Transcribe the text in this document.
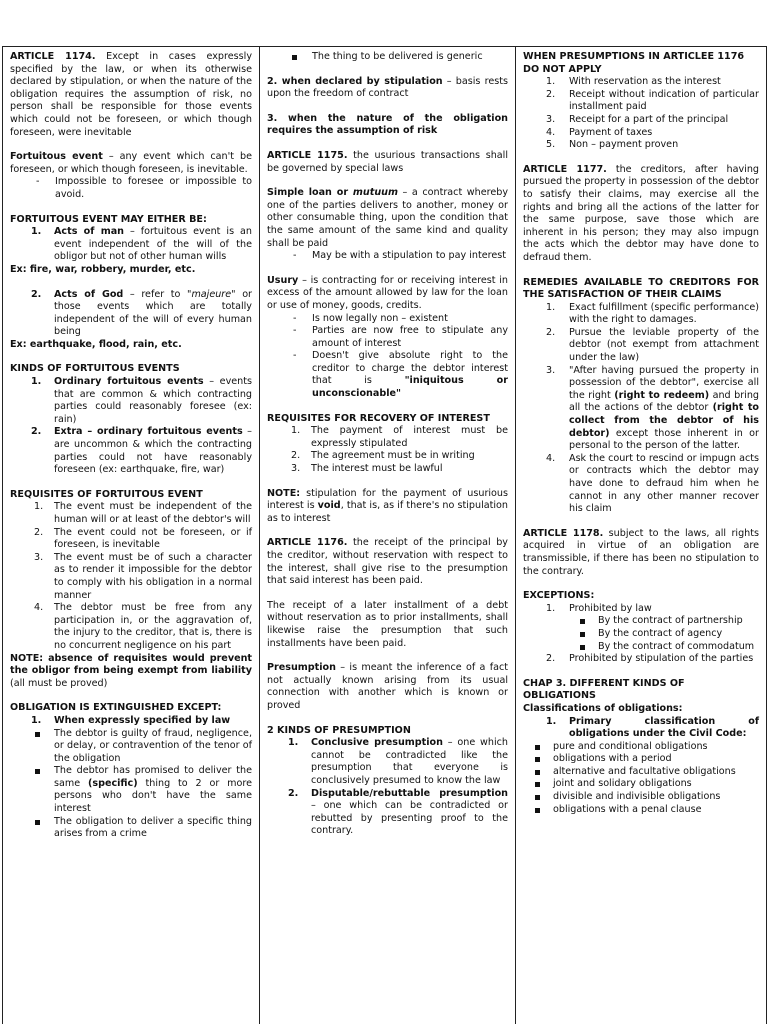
ARTICLE 1174. Except in cases expressly specified by the law, or when its otherwise declared by stipulation, or when the nature of the obligation requires the assumption of risk, no person shall be responsible for those events which could not be foreseen, or which though foreseen, were inevitable

Fortuitous event – any event which can't be foreseen, or which though foreseen, is inevitable.

- Impossible to foresee or impossible to avoid.
FORTUITOUS EVENT MAY EITHER BE:
1. Acts of man – fortuitous event is an event independent of the will of the obligor but not of other human wills
Ex: fire, war, robbery, murder, etc.
2. Acts of God – refer to "majeure" or those events which are totally independent of the will of every human being
Ex: earthquake, flood, rain, etc.
KINDS OF FORTUITOUS EVENTS
1. Ordinary fortuitous events – events that are common & which contracting parties could reasonably foresee (ex: rain)
2. Extra – ordinary fortuitous events – are uncommon & which the contracting parties could not have reasonably foreseen (ex: earthquake, fire, war)
REQUISITES OF FORTUITOUS EVENT
1. The event must be independent of the human will or at least of the debtor's will
2. The event could not be foreseen, or if foreseen, is inevitable
3. The event must be of such a character as to render it impossible for the debtor to comply with his obligation in a normal manner
4. The debtor must be free from any participation in, or the aggravation of, the injury to the creditor, that is, there is no concurrent negligence on his part

NOTE: absence of requisites would prevent the obligor from being exempt from liability (all must be proved)

OBLIGATION IS EXTINGUISHED EXCEPT:
1. When expressly specified by law
The debtor is guilty of fraud, negligence, or delay, or contravention of the tenor of the obligation
The debtor has promised to deliver the same (specific) thing to 2 or more persons who don't have the same interest
The obligation to deliver a specific thing arises from a crime
The thing to be delivered is generic

2. when declared by stipulation – basis rests upon the freedom of contract

3. when the nature of the obligation requires the assumption of risk

ARTICLE 1175. the usurious transactions shall be governed by special laws

Simple loan or mutuum – a contract whereby one of the parties delivers to another, money or other consumable thing, upon the condition that the same amount of the same kind and quality shall be paid

- May be with a stipulation to pay interest

Usury – is contracting for or receiving interest in excess of the amount allowed by law for the loan or use of money, goods, credits.

- Is now legally non – existent
- Parties are now free to stipulate any amount of interest
- Doesn't give absolute right to the creditor to charge the debtor interest that is "iniquitous or unconscionable"
REQUISITES FOR RECOVERY OF INTEREST
1. The payment of interest must be expressly stipulated
2. The agreement must be in writing
3. The interest must be lawful

NOTE: stipulation for the payment of usurious interest is void, that is, as if there's no stipulation as to interest

ARTICLE 1176. the receipt of the principal by the creditor, without reservation with respect to the interest, shall give rise to the presumption that said interest has been paid.

The receipt of a later installment of a debt without reservation as to prior installments, shall likewise raise the presumption that such installments have been paid.

Presumption – is meant the inference of a fact not actually known arising from its usual connection with another which is known or proved

2 KINDS OF PRESUMPTION
1. Conclusive presumption – one which cannot be contradicted like the presumption that everyone is conclusively presumed to know the law
2. Disputable/rebuttable presumption – one which can be contradicted or rebutted by presenting proof to the contrary.
WHEN PRESUMPTIONS IN ARTICLEE 1176 DO NOT APPLY
1. With reservation as the interest
2. Receipt without indication of particular installment paid
3. Receipt for a part of the principal
4. Payment of taxes
5. Non – payment proven

ARTICLE 1177. the creditors, after having pursued the property in possession of the debtor to satisfy their claims, may exercise all the rights and bring all the actions of the latter for the same purpose, save those which are inherent in his person; they may also impugn the acts which the debtor may have done to defraud them.

REMEDIES AVAILABLE TO CREDITORS FOR THE SATISFACTION OF THEIR CLAIMS
1. Exact fulfillment (specific performance) with the right to damages.
2. Pursue the leviable property of the debtor (not exempt from attachment under the law)
3. "After having pursued the property in possession of the debtor", exercise all the right (right to redeem) and bring all the actions of the debtor (right to collect from the debtor of his debtor) except those inherent in or personal to the person of the latter.
4. Ask the court to rescind or impugn acts or contracts which the debtor may have done to defraud him when he cannot in any other manner recover his claim

ARTICLE 1178. subject to the laws, all rights acquired in virtue of an obligation are transmissible, if there has been no stipulation to the contrary.

EXCEPTIONS:
1. Prohibited by law
By the contract of partnership
By the contract of agency
By the contract of commodatum
2. Prohibited by stipulation of the parties
CHAP 3. DIFFERENT KINDS OF OBLIGATIONS
Classifications of obligations:
1. Primary classification of obligations under the Civil Code:
pure and conditional obligations
obligations with a period
alternative and facultative obligations
joint and solidary obligations
divisible and indivisible obligations
obligations with a penal clause
